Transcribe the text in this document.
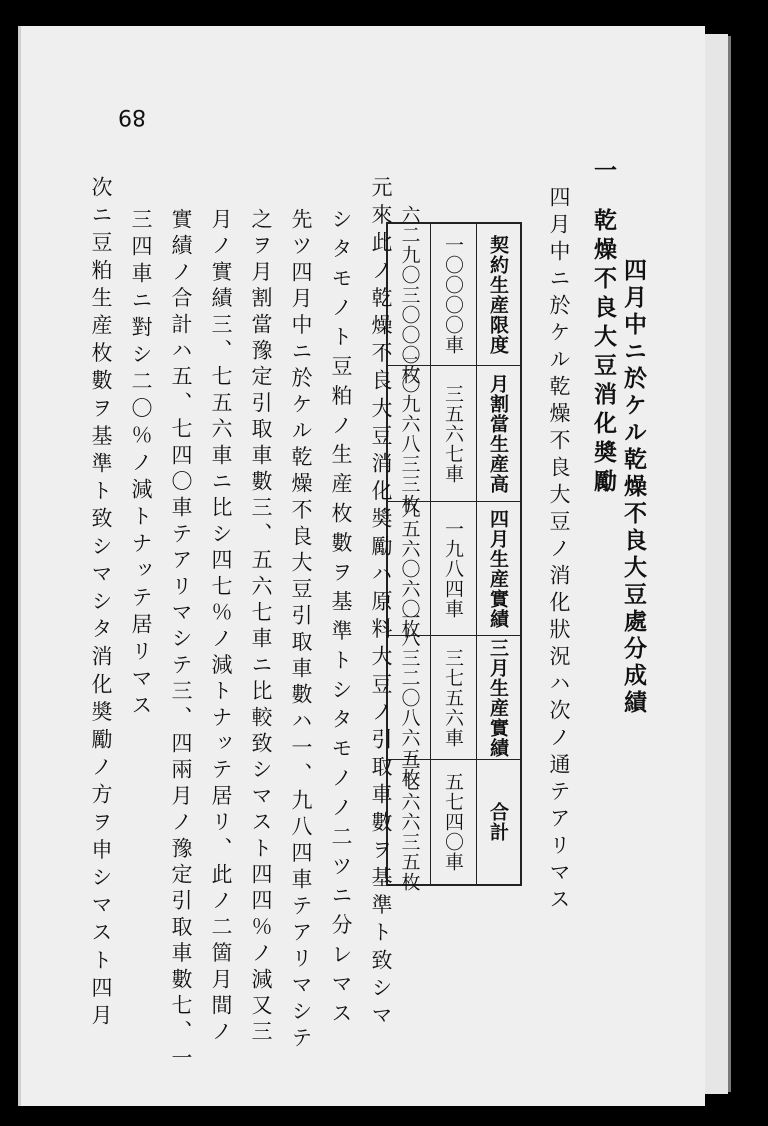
89
四月中ニ於ケル乾燥不良大豆處分成績
一
乾燥不良大豆消化奬勵
四月中ニ於ケル乾燥不良大豆ノ消化狀況ハ次ノ通テアリマス
契約生産限度
一〇〇〇〇車
六二九〇三〇〇〇枚
月割當生産高
三五六七車
二〇九六八三三枚
四月生産實績
一九八四車
九五六〇六〇枚
三月生産實績
三七五六車
一八三二〇八六五枚
合計
五七四〇車
二七六六三五枚
元來此ノ乾燥不良大豆消化奬勵ハ原料大豆ノ引取車數ヲ基準ト致シマ
シタモノト豆粕ノ生産枚數ヲ基準トシタモノノ二ツニ分レマス
先ツ四月中ニ於ケル乾燥不良大豆引取車數ハ一、九八四車テアリマシテ
之ヲ月割當豫定引取車數三、五六七車ニ比較致シマスト四四％ノ減又三
月ノ實績三、七五六車ニ比シ四七％ノ減トナッテ居リ、此ノ二箇月間ノ
實績ノ合計ハ五、七四〇車テアリマシテ三、四兩月ノ豫定引取車數七、一
三四車ニ對シ二〇％ノ減トナッテ居リマス
次ニ豆粕生産枚數ヲ基準ト致シマシタ消化奬勵ノ方ヲ申シマスト四月
